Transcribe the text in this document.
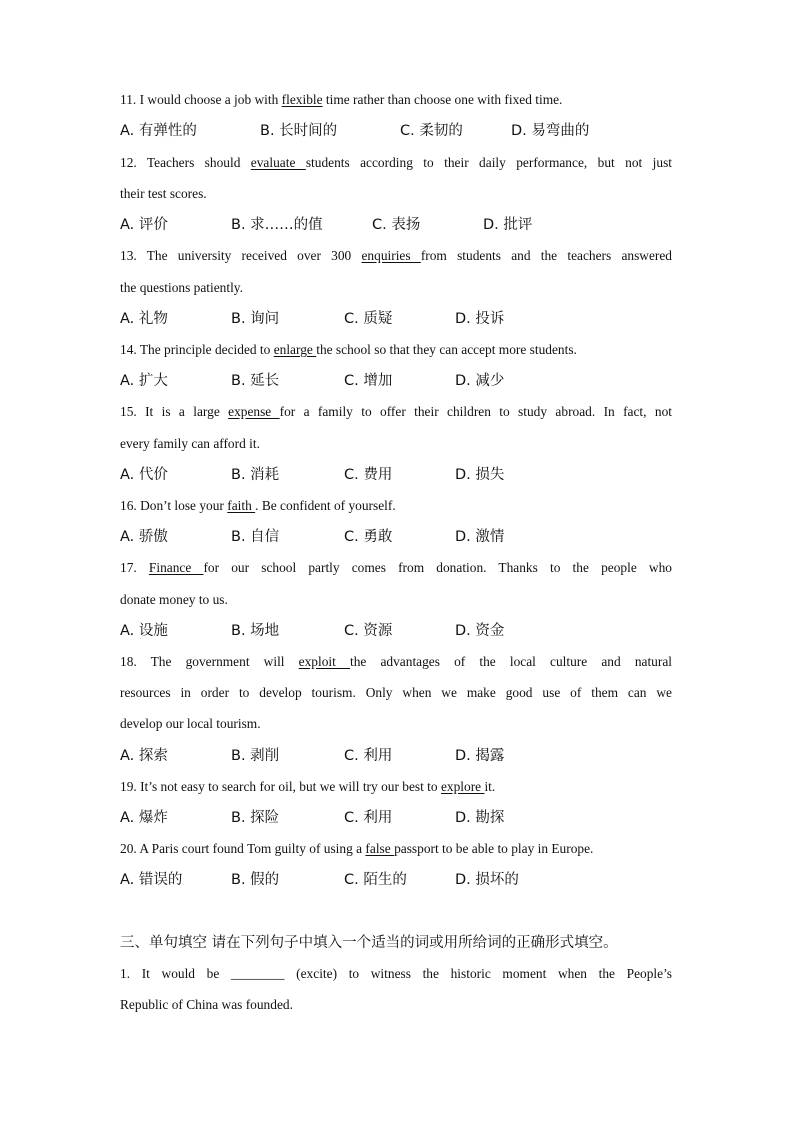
11. I would choose a job with flexible time rather than choose one with fixed time.
A. 有弹性的	B. 长时间的	C. 柔韧的	D. 易弯曲的
12. Teachers should evaluate students according to their daily performance, but not just
their test scores.
A. 评价	B. 求……的值	C. 表扬	D. 批评
13. The university received over 300 enquiries from students and the teachers answered
the questions patiently.
A. 礼物	B. 询问	C. 质疑	D. 投诉
14. The principle decided to enlarge the school so that they can accept more students.
A. 扩大	B. 延长	C. 增加	D. 减少
15. It is a large expense for a family to offer their children to study abroad. In fact, not
every family can afford it.
A. 代价	B. 消耗	C. 费用	D. 损失
16. Don’t lose your faith . Be confident of yourself.
A. 骄傲	B. 自信	C. 勇敢	D. 激情
17. Finance for our school partly comes from donation. Thanks to the people who
donate money to us.
A. 设施	B. 场地	C. 资源	D. 资金
18. The government will exploit the advantages of the local culture and natural
resources in order to develop tourism. Only when we make good use of them can we
develop our local tourism.
A. 探索	B. 剥削	C. 利用	D. 揭露
19. It’s not easy to search for oil, but we will try our best to explore it.
A. 爆炸	B. 探险	C. 利用	D. 勘探
20. A Paris court found Tom guilty of using a false passport to be able to play in Europe.
A. 错误的	B. 假的	C. 陌生的	D. 损坏的
三、单句填空 请在下列句子中填入一个适当的词或用所给词的正确形式填空。
1. It would be ________ (excite) to witness the historic moment when the People’s
Republic of China was founded.
